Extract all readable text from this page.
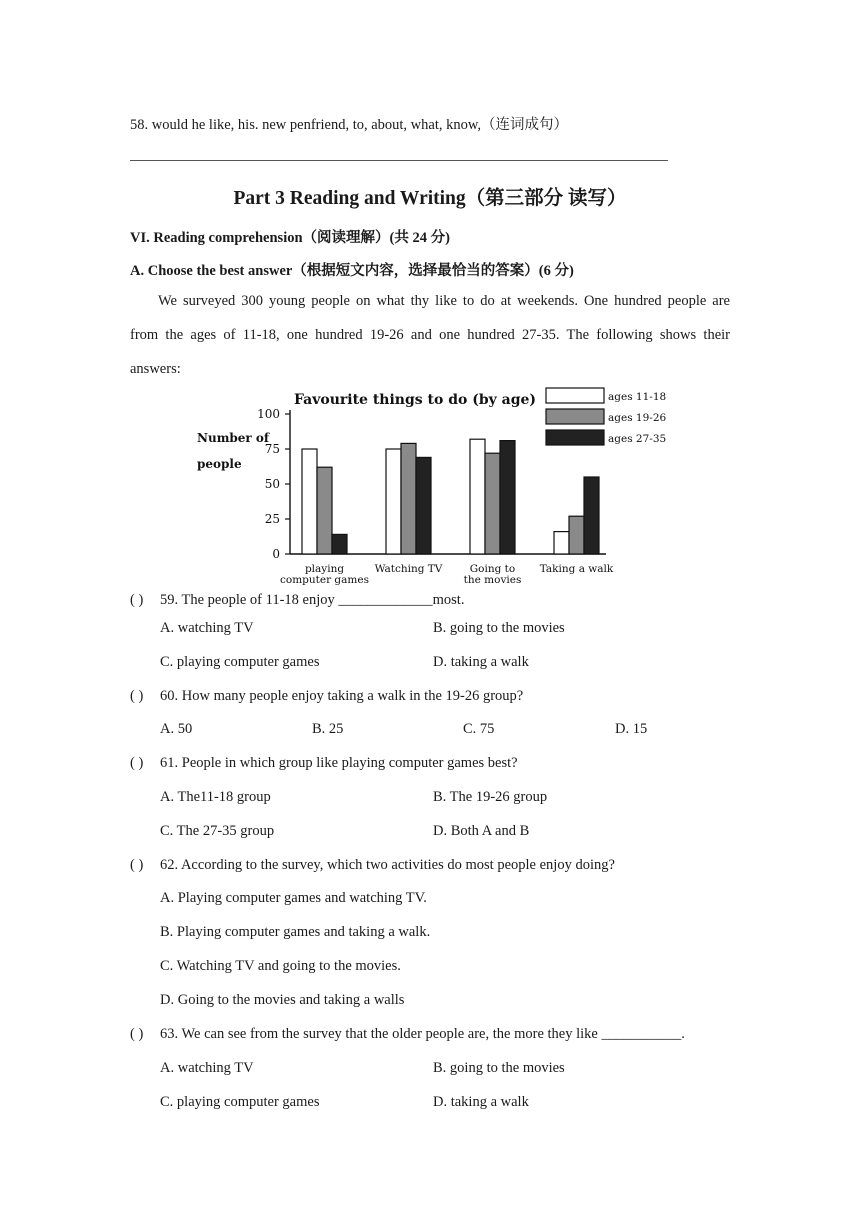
58. would he like, his. new penfriend, to, about, what, know,（连词成句）
Part 3 Reading and Writing（第三部分 读写）
VI. Reading comprehension（阅读理解）(共 24 分)
A. Choose the best answer（根据短文内容，选择最恰当的答案）(6 分)
We surveyed 300 young people on what thy like to do at weekends. One hundred people are
from the ages of 11-18, one hundred 19-26 and one hundred 27-35. The following shows their
answers:
Favourite things to do (by age)
Number of
people
0
25
50
75
100
playing
computer games
Watching TV	Going to
the movies
Taking a walk
ages 11-18
ages 19-26
ages 27-35
( ) 59. The people of 11-18 enjoy _____________most.
A. watching TV	B. going to the movies
C. playing computer games	D. taking a walk
( ) 60. How many people enjoy taking a walk in the 19-26 group?
A. 50	B. 25	C. 75	D. 15
( ) 61. People in which group like playing computer games best?
A. The11-18 group	B. The 19-26 group
C. The 27-35 group	D. Both A and B
( ) 62. According to the survey, which two activities do most people enjoy doing?
A. Playing computer games and watching TV.
B. Playing computer games and taking a walk.
C. Watching TV and going to the movies.
D. Going to the movies and taking a walls
( ) 63. We can see from the survey that the older people are, the more they like ___________.
A. watching TV	B. going to the movies
C. playing computer games	D. taking a walk
